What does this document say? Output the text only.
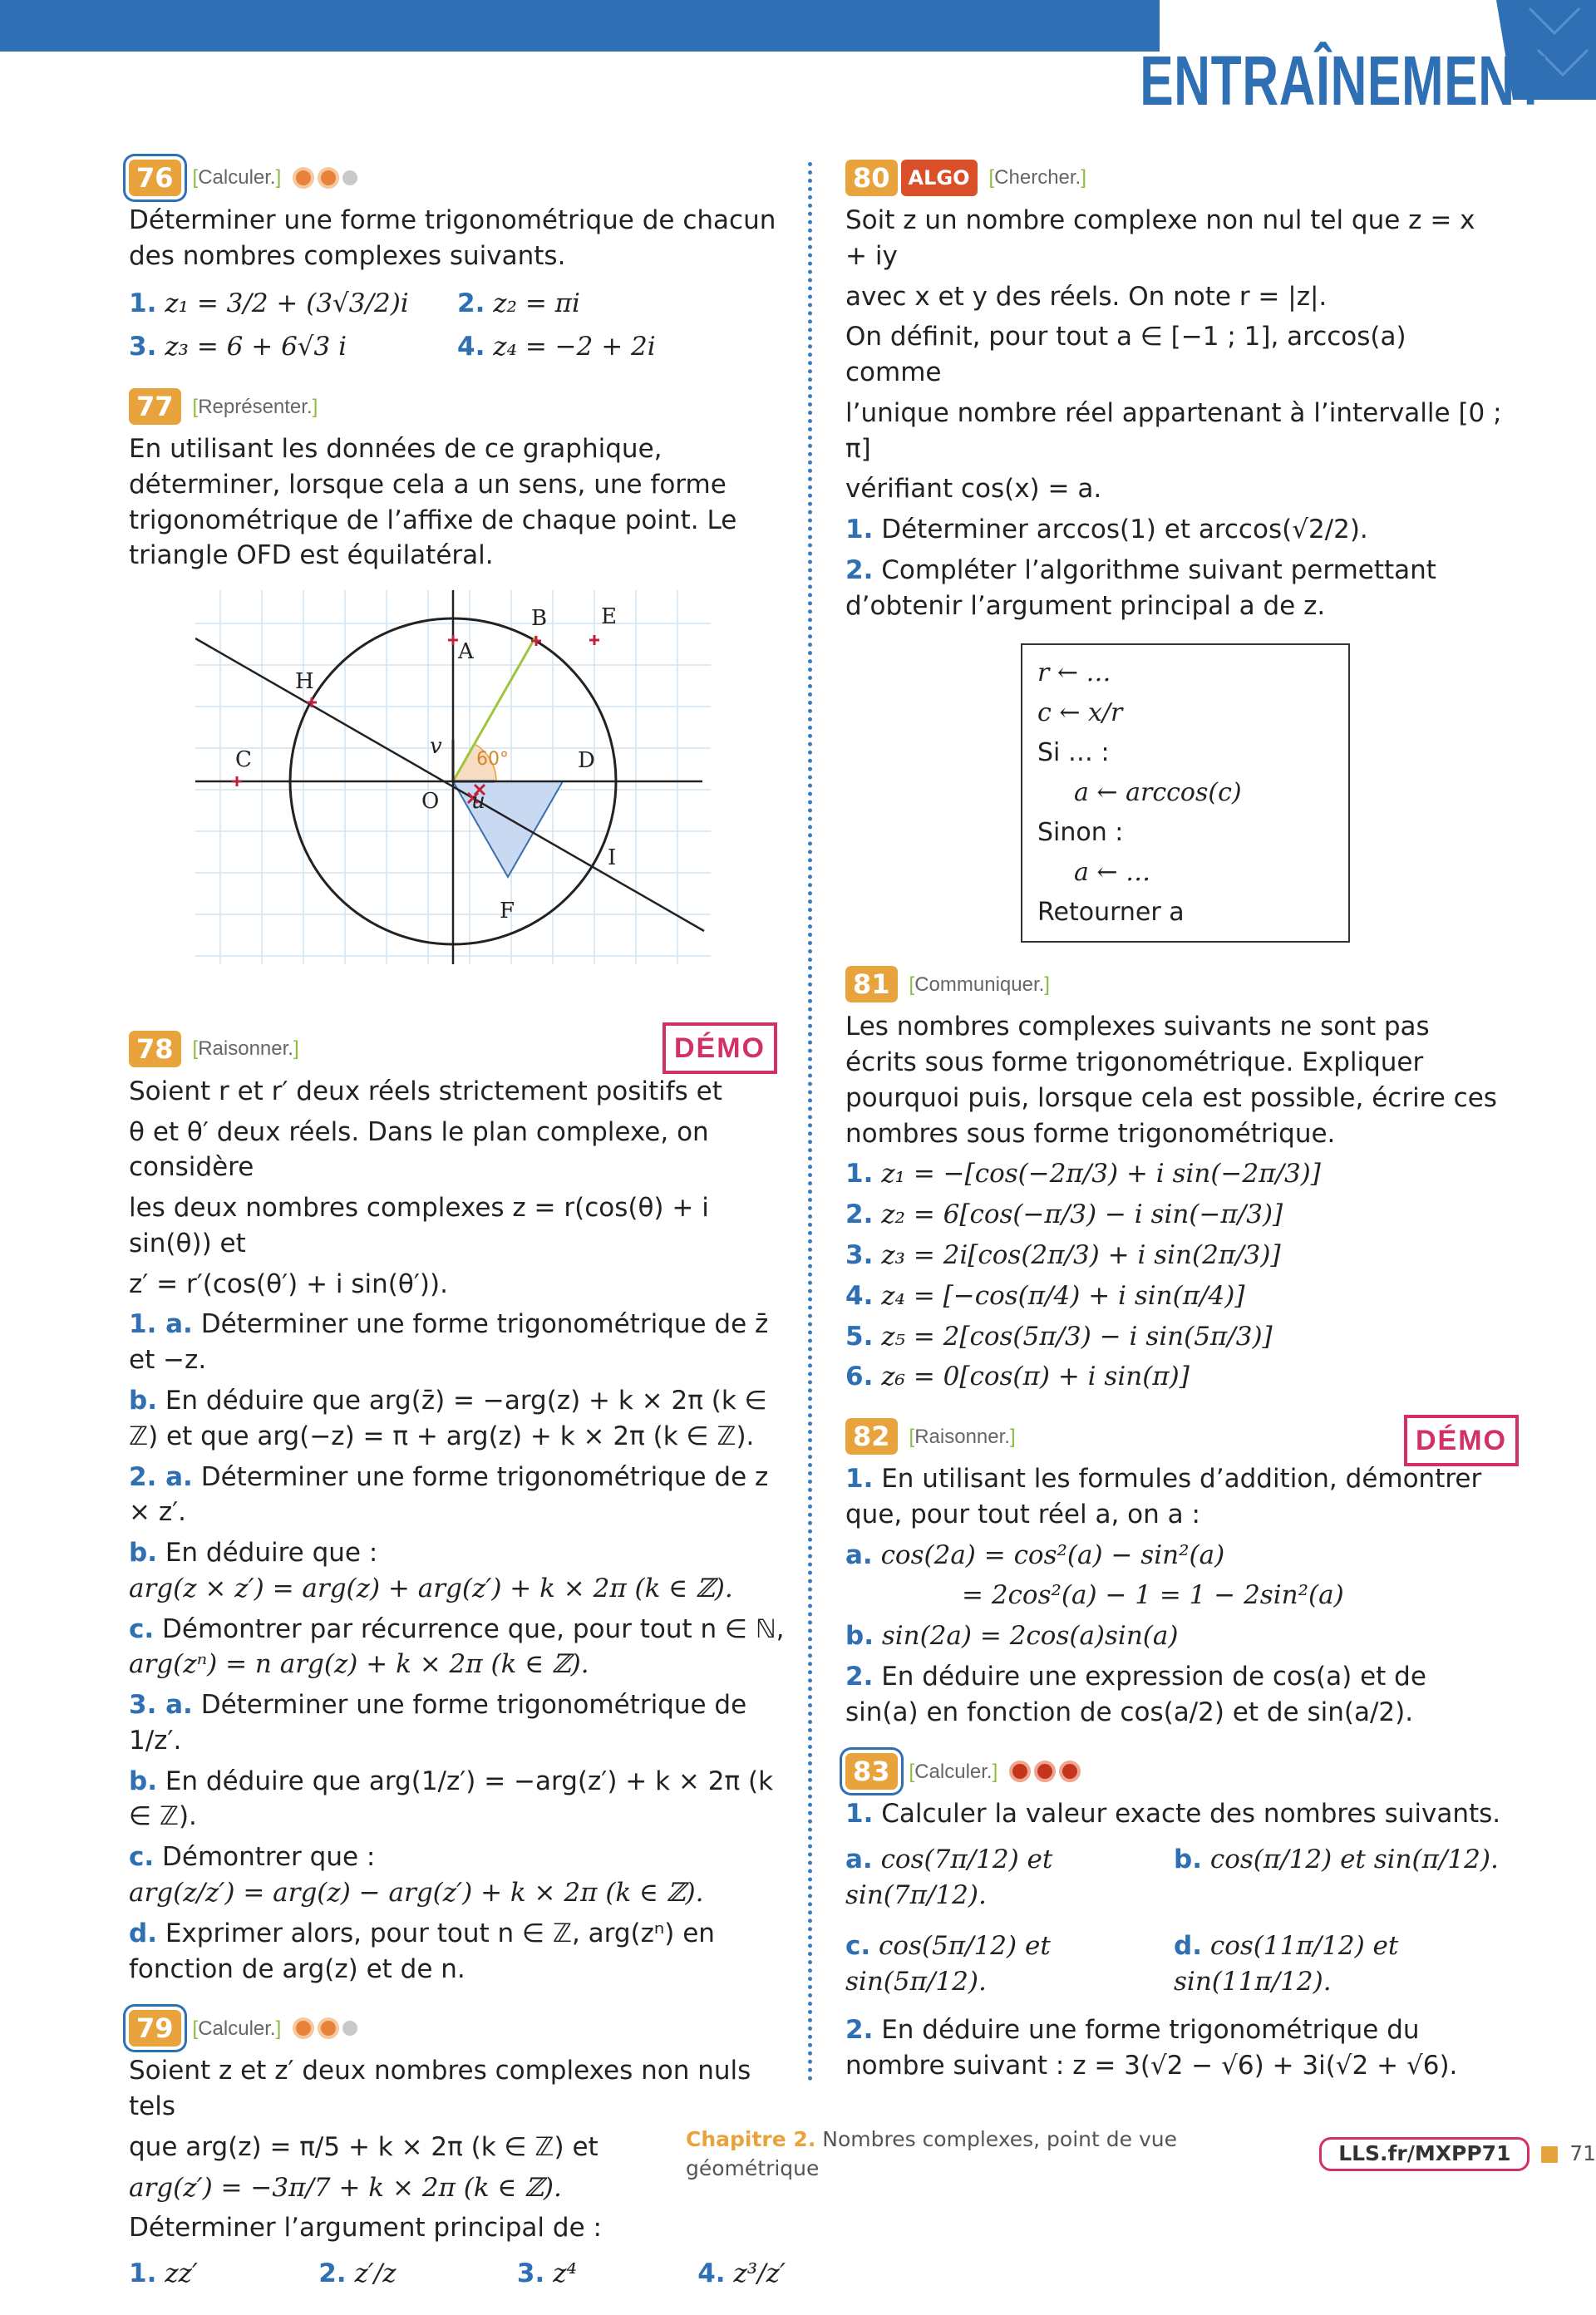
ENTRAÎNEMENT
76 [Calculer.]

Déterminer une forme trigonométrique de chacun des nombres complexes suivants.

1. z₁ = 3/2 + (3√3/2)i	2. z₂ = πi
3. z₃ = 6 + 6√3 i	4. z₄ = −2 + 2i
77 [Représenter.]

En utilisant les données de ce graphique, déterminer, lorsque cela a un sens, une forme trigonométrique de l’affixe de chaque point. Le triangle OFD est équilatéral.

A
B E
C
H
D
I
F
O u
v
60°
78 [Raisonner.]	DÉMO

Soient r et r′ deux réels strictement positifs et

θ et θ′ deux réels. Dans le plan complexe, on considère

les deux nombres complexes z = r(cos(θ) + i sin(θ)) et

z′ = r′(cos(θ′) + i sin(θ′)).

1. a. Déterminer une forme trigonométrique de z̄ et −z.

b. En déduire que arg(z̄) = −arg(z) + k × 2π (k ∈ ℤ) et que arg(−z) = π + arg(z) + k × 2π (k ∈ ℤ).

2. a. Déterminer une forme trigonométrique de z × z′.

b. En déduire que :
arg(z × z′) = arg(z) + arg(z′) + k × 2π (k ∈ ℤ).

c. Démontrer par récurrence que, pour tout n ∈ ℕ,
arg(zⁿ) = n arg(z) + k × 2π (k ∈ ℤ).

3. a. Déterminer une forme trigonométrique de 1/z′.

b. En déduire que arg(1/z′) = −arg(z′) + k × 2π (k ∈ ℤ).

c. Démontrer que :
arg(z/z′) = arg(z) − arg(z′) + k × 2π (k ∈ ℤ).

d. Exprimer alors, pour tout n ∈ ℤ, arg(zⁿ) en fonction de arg(z) et de n.

79 [Calculer.]

Soient z et z′ deux nombres complexes non nuls tels

que arg(z) = π/5 + k × 2π (k ∈ ℤ) et

arg(z′) = −3π/7 + k × 2π (k ∈ ℤ).

Déterminer l’argument principal de :

1. zz′	2. z′/z	3. z⁴	4. z³/z′
80 ALGO [Chercher.]

Soit z un nombre complexe non nul tel que z = x + iy

avec x et y des réels. On note r = |z|.

On définit, pour tout a ∈ [−1 ; 1], arccos(a) comme

l’unique nombre réel appartenant à l’intervalle [0 ; π]

vérifiant cos(x) = a.

1. Déterminer arccos(1) et arccos(√2/2).

2. Compléter l’algorithme suivant permettant d’obtenir l’argument principal a de z.

r ← …
c ← x/r
Si … :
a ← arccos(c)
Sinon :
a ← …
Retourner a
81 [Communiquer.]

Les nombres complexes suivants ne sont pas écrits sous forme trigonométrique. Expliquer pourquoi puis, lorsque cela est possible, écrire ces nombres sous forme trigonométrique.

1. z₁ = −[cos(−2π/3) + i sin(−2π/3)]

2. z₂ = 6[cos(−π/3) − i sin(−π/3)]

3. z₃ = 2i[cos(2π/3) + i sin(2π/3)]

4. z₄ = [−cos(π/4) + i sin(π/4)]

5. z₅ = 2[cos(5π/3) − i sin(5π/3)]

6. z₆ = 0[cos(π) + i sin(π)]

82 [Raisonner.]	DÉMO

1. En utilisant les formules d’addition, démontrer que, pour tout réel a, on a :

a. cos(2a) = cos²(a) − sin²(a)

= 2cos²(a) − 1 = 1 − 2sin²(a)

b. sin(2a) = 2cos(a)sin(a)

2. En déduire une expression de cos(a) et de sin(a) en fonction de cos(a/2) et de sin(a/2).

83 [Calculer.]

1. Calculer la valeur exacte des nombres suivants.

a. cos(7π/12) et sin(7π/12).
b. cos(π/12) et sin(π/12).
c. cos(5π/12) et sin(5π/12).
d. cos(11π/12) et sin(11π/12).

2. En déduire une forme trigonométrique du nombre suivant : z = 3(√2 − √6) + 3i(√2 + √6).

Chapitre 2. Nombres complexes, point de vue géométrique
LLS.fr/MXPP71	71
